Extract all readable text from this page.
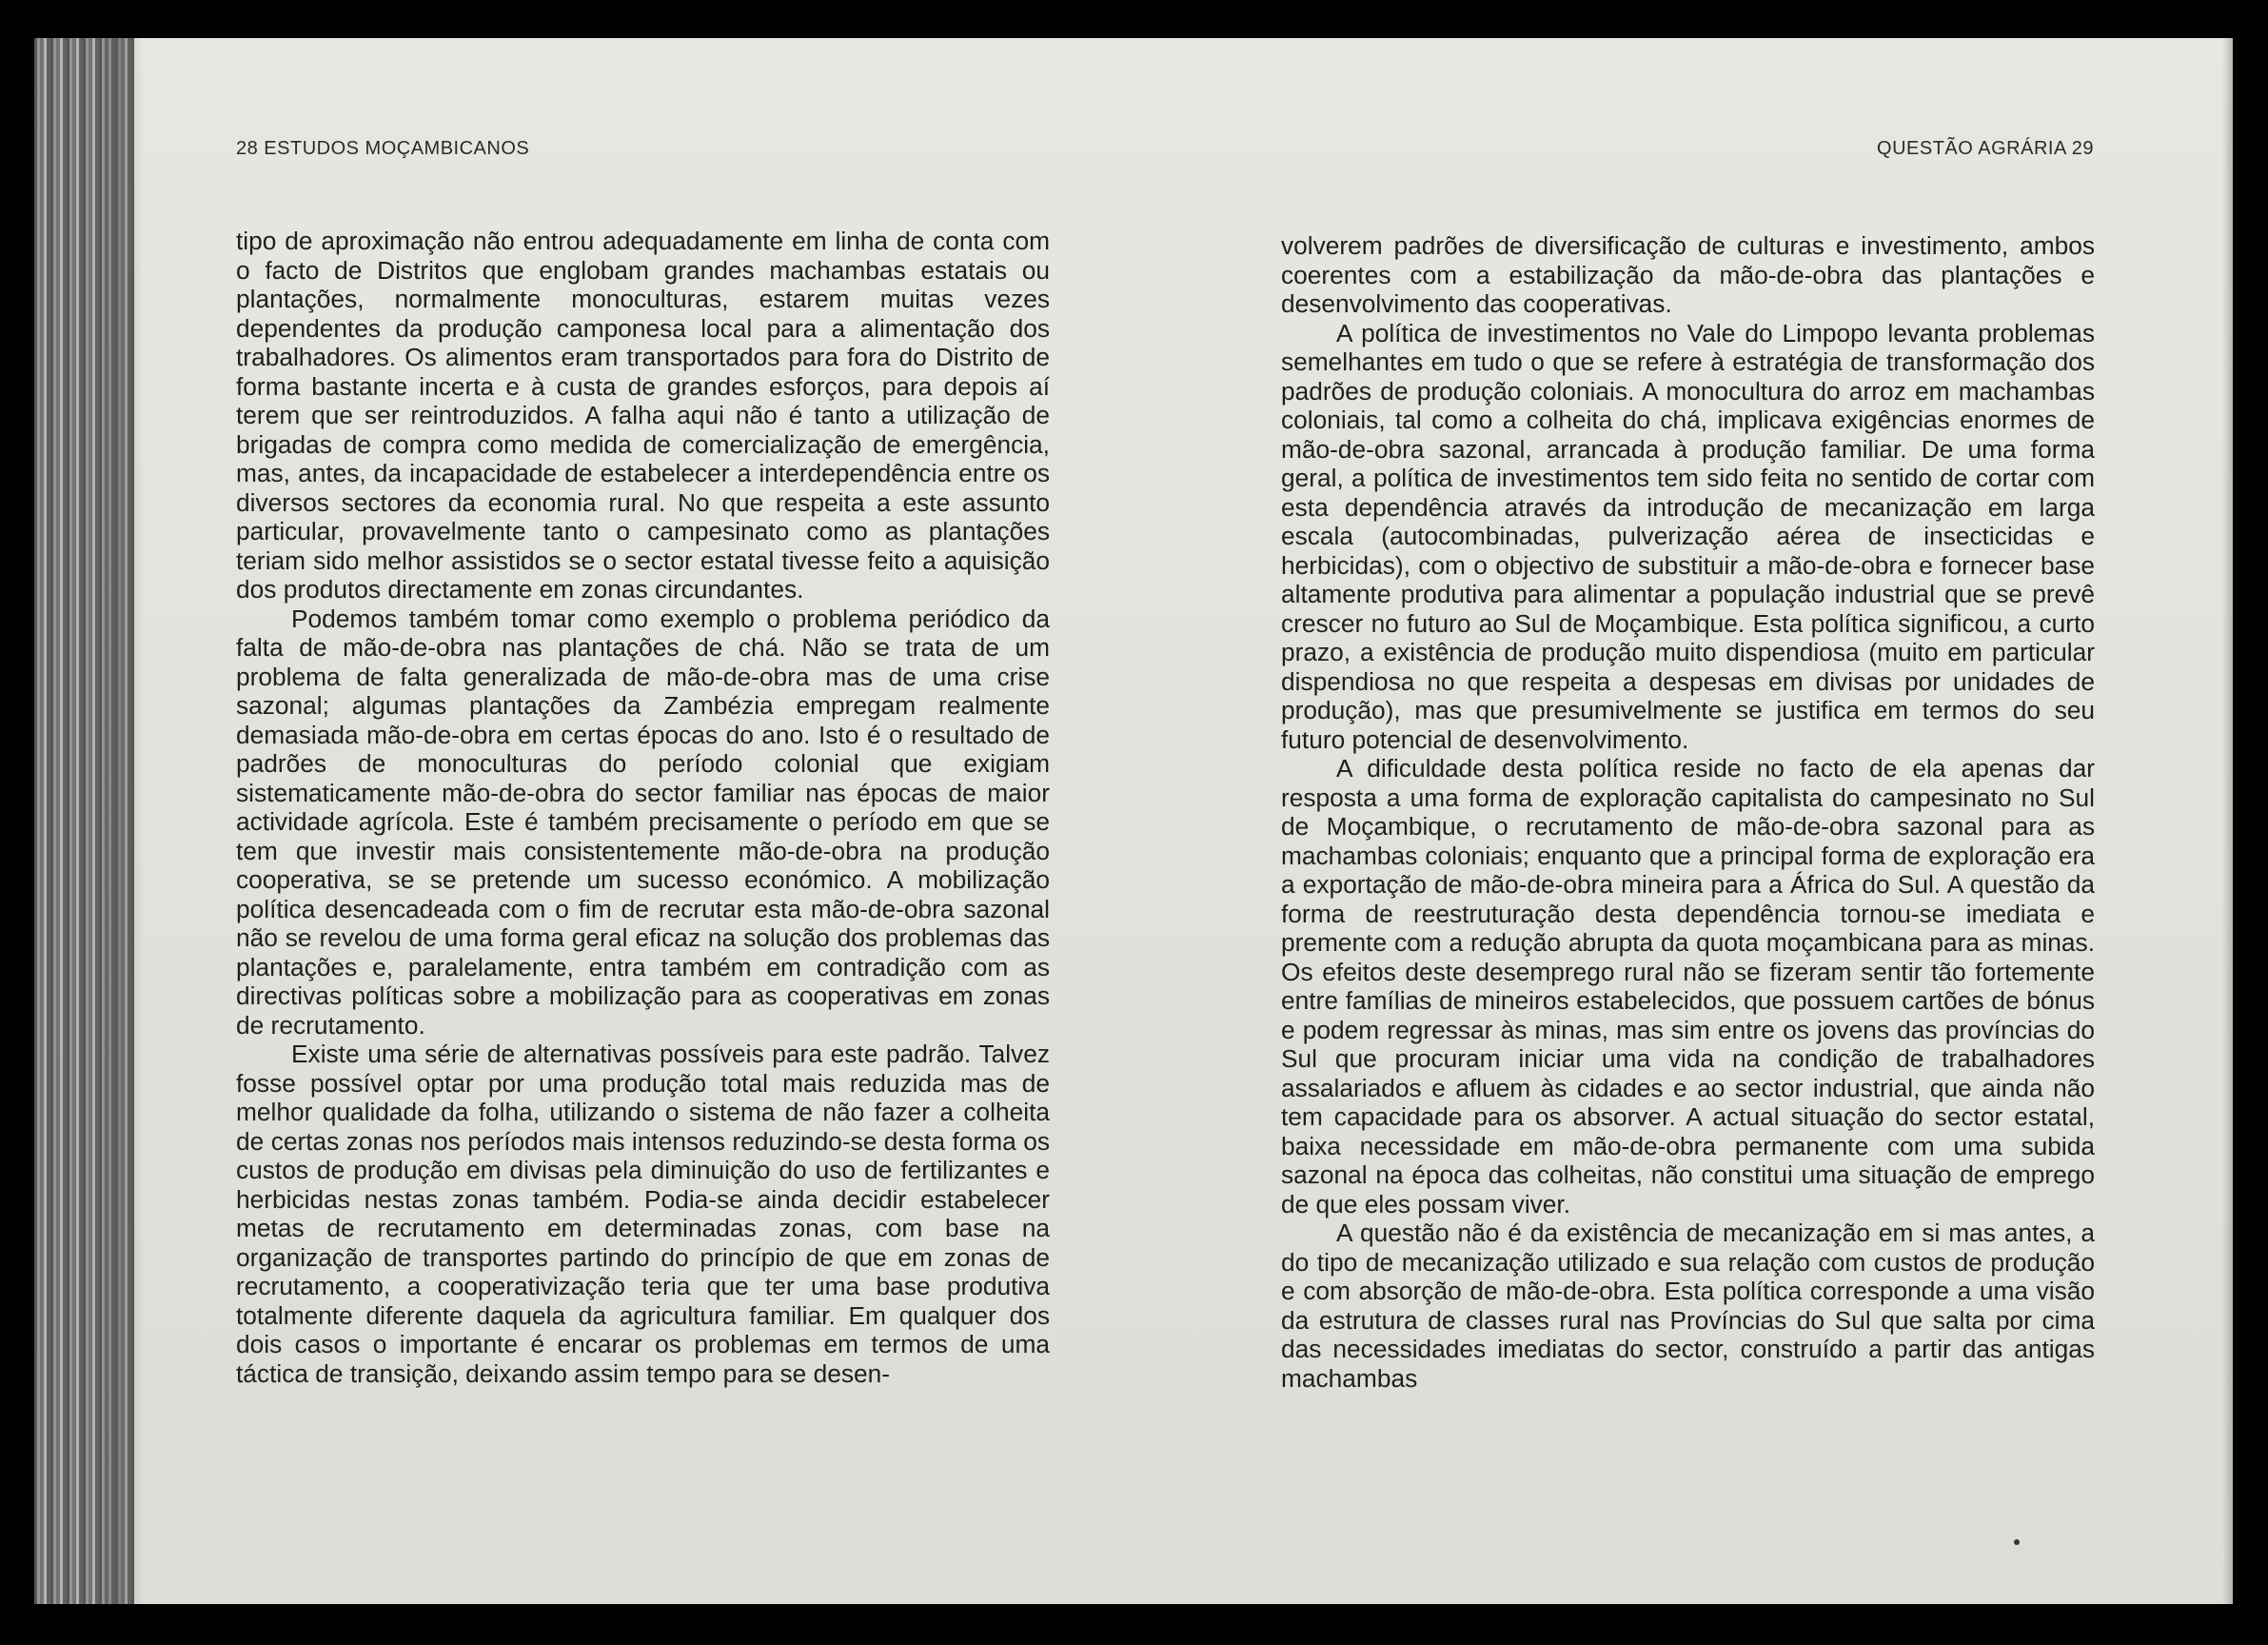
28 ESTUDOS MOÇAMBICANOS	QUESTÃO AGRÁRIA 29

tipo de aproximação não entrou adequadamente em linha de conta com o facto de Distritos que englobam grandes machambas estatais ou plantações, normalmente monoculturas, estarem muitas vezes dependentes da produção camponesa local para a alimentação dos trabalhadores. Os alimentos eram transportados para fora do Distrito de forma bastante incerta e à custa de grandes esforços, para depois aí terem que ser reintroduzidos. A falha aqui não é tanto a utilização de brigadas de compra como medida de comercialização de emergência, mas, antes, da incapacidade de estabelecer a interdependência entre os diversos sectores da economia rural. No que respeita a este assunto particular, provavelmente tanto o campesinato como as plantações teriam sido melhor assistidos se o sector estatal tivesse feito a aquisição dos produtos directamente em zonas circundantes.

Podemos também tomar como exemplo o problema periódico da falta de mão-de-obra nas plantações de chá. Não se trata de um problema de falta generalizada de mão-de-obra mas de uma crise sazonal; algumas plantações da Zambézia empregam realmente demasiada mão-de-obra em certas épocas do ano. Isto é o resultado de padrões de monoculturas do período colonial que exigiam sistematicamente mão-de-obra do sector familiar nas épocas de maior actividade agrícola. Este é também precisamente o período em que se tem que investir mais consistentemente mão-de-obra na produção cooperativa, se se pretende um sucesso económico. A mobilização política desencadeada com o fim de recrutar esta mão-de-obra sazonal não se revelou de uma forma geral eficaz na solução dos problemas das plantações e, paralelamente, entra também em contradição com as directivas políticas sobre a mobilização para as cooperativas em zonas de recrutamento.

Existe uma série de alternativas possíveis para este padrão. Talvez fosse possível optar por uma produção total mais reduzida mas de melhor qualidade da folha, utilizando o sistema de não fazer a colheita de certas zonas nos períodos mais intensos reduzindo-se desta forma os custos de produção em divisas pela diminuição do uso de fertilizantes e herbicidas nestas zonas também. Podia-se ainda decidir estabelecer metas de recrutamento em determinadas zonas, com base na organização de transportes partindo do princípio de que em zonas de recrutamento, a cooperativização teria que ter uma base produtiva totalmente diferente daquela da agricultura familiar. Em qualquer dos dois casos o importante é encarar os problemas em termos de uma táctica de transição, deixando assim tempo para se desen-

volverem padrões de diversificação de culturas e investimento, ambos coerentes com a estabilização da mão-de-obra das plantações e desenvolvimento das cooperativas.

A política de investimentos no Vale do Limpopo levanta problemas semelhantes em tudo o que se refere à estratégia de transformação dos padrões de produção coloniais. A monocultura do arroz em machambas coloniais, tal como a colheita do chá, implicava exigências enormes de mão-de-obra sazonal, arrancada à produção familiar. De uma forma geral, a política de investimentos tem sido feita no sentido de cortar com esta dependência através da introdução de mecanização em larga escala (autocombinadas, pulverização aérea de insecticidas e herbicidas), com o objectivo de substituir a mão-de-obra e fornecer base altamente produtiva para alimentar a população industrial que se prevê crescer no futuro ao Sul de Moçambique. Esta política significou, a curto prazo, a existência de produção muito dispendiosa (muito em particular dispendiosa no que respeita a despesas em divisas por unidades de produção), mas que presumivelmente se justifica em termos do seu futuro potencial de desenvolvimento.

A dificuldade desta política reside no facto de ela apenas dar resposta a uma forma de exploração capitalista do campesinato no Sul de Moçambique, o recrutamento de mão-de-obra sazonal para as machambas coloniais; enquanto que a principal forma de exploração era a exportação de mão-de-obra mineira para a África do Sul. A questão da forma de reestruturação desta dependência tornou-se imediata e premente com a redução abrupta da quota moçambicana para as minas. Os efeitos deste desemprego rural não se fizeram sentir tão fortemente entre famílias de mineiros estabelecidos, que possuem cartões de bónus e podem regressar às minas, mas sim entre os jovens das províncias do Sul que procuram iniciar uma vida na condição de trabalhadores assalariados e afluem às cidades e ao sector industrial, que ainda não tem capacidade para os absorver. A actual situação do sector estatal, baixa necessidade em mão-de-obra permanente com uma subida sazonal na época das colheitas, não constitui uma situação de emprego de que eles possam viver.

A questão não é da existência de mecanização em si mas antes, a do tipo de mecanização utilizado e sua relação com custos de produção e com absorção de mão-de-obra. Esta política corresponde a uma visão da estrutura de classes rural nas Províncias do Sul que salta por cima das necessidades imediatas do sector, construído a partir das antigas machambas
